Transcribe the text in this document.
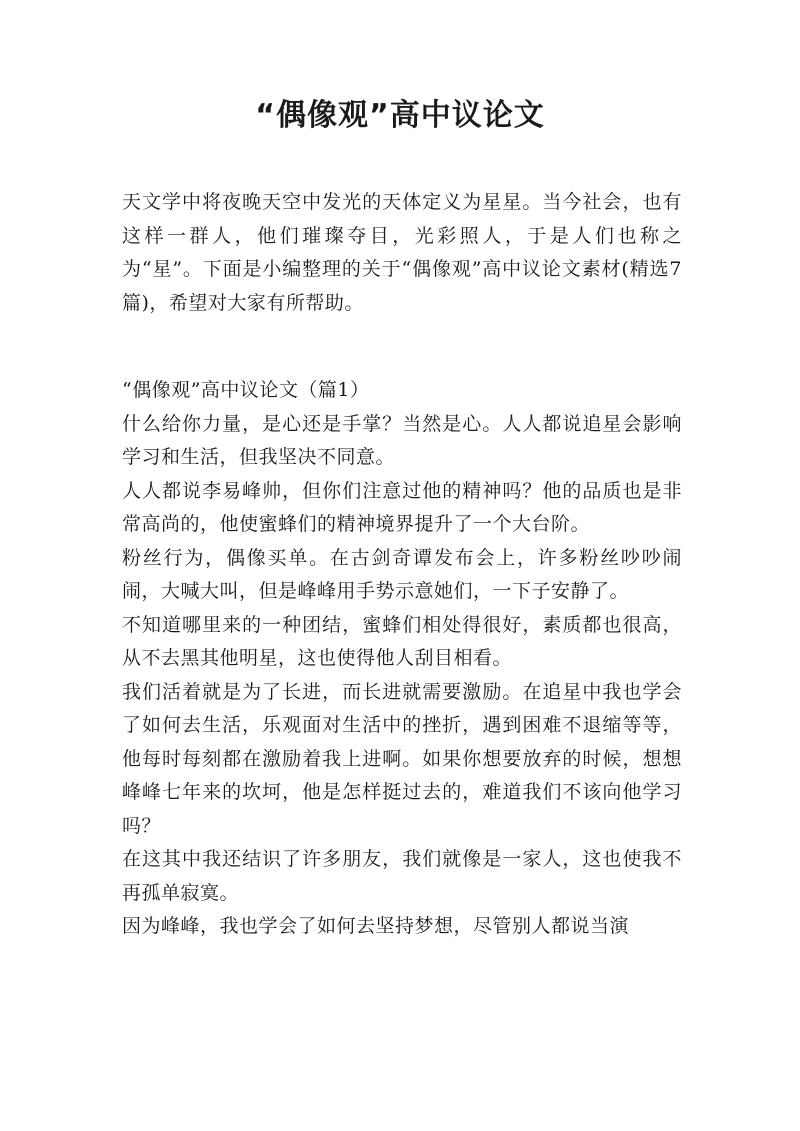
“偶像观”高中议论文

天文学中将夜晚天空中发光的天体定义为星星。当今社会，也有这样一群人，他们璀璨夺目，光彩照人，于是人们也称之为“星”。下面是小编整理的关于“偶像观”高中议论文素材(精选7篇)，希望对大家有所帮助。

“偶像观”高中议论文（篇1）

什么给你力量，是心还是手掌？当然是心。人人都说追星会影响学习和生活，但我坚决不同意。

人人都说李易峰帅，但你们注意过他的精神吗？他的品质也是非常高尚的，他使蜜蜂们的精神境界提升了一个大台阶。

粉丝行为，偶像买单。在古剑奇谭发布会上，许多粉丝吵吵闹闹，大喊大叫，但是峰峰用手势示意她们，一下子安静了。

不知道哪里来的一种团结，蜜蜂们相处得很好，素质都也很高，从不去黑其他明星，这也使得他人刮目相看。

我们活着就是为了长进，而长进就需要激励。在追星中我也学会了如何去生活，乐观面对生活中的挫折，遇到困难不退缩等等，他每时每刻都在激励着我上进啊。如果你想要放弃的时候，想想峰峰七年来的坎坷，他是怎样挺过去的，难道我们不该向他学习吗？

在这其中我还结识了许多朋友，我们就像是一家人，这也使我不再孤单寂寞。

因为峰峰，我也学会了如何去坚持梦想，尽管别人都说当演
